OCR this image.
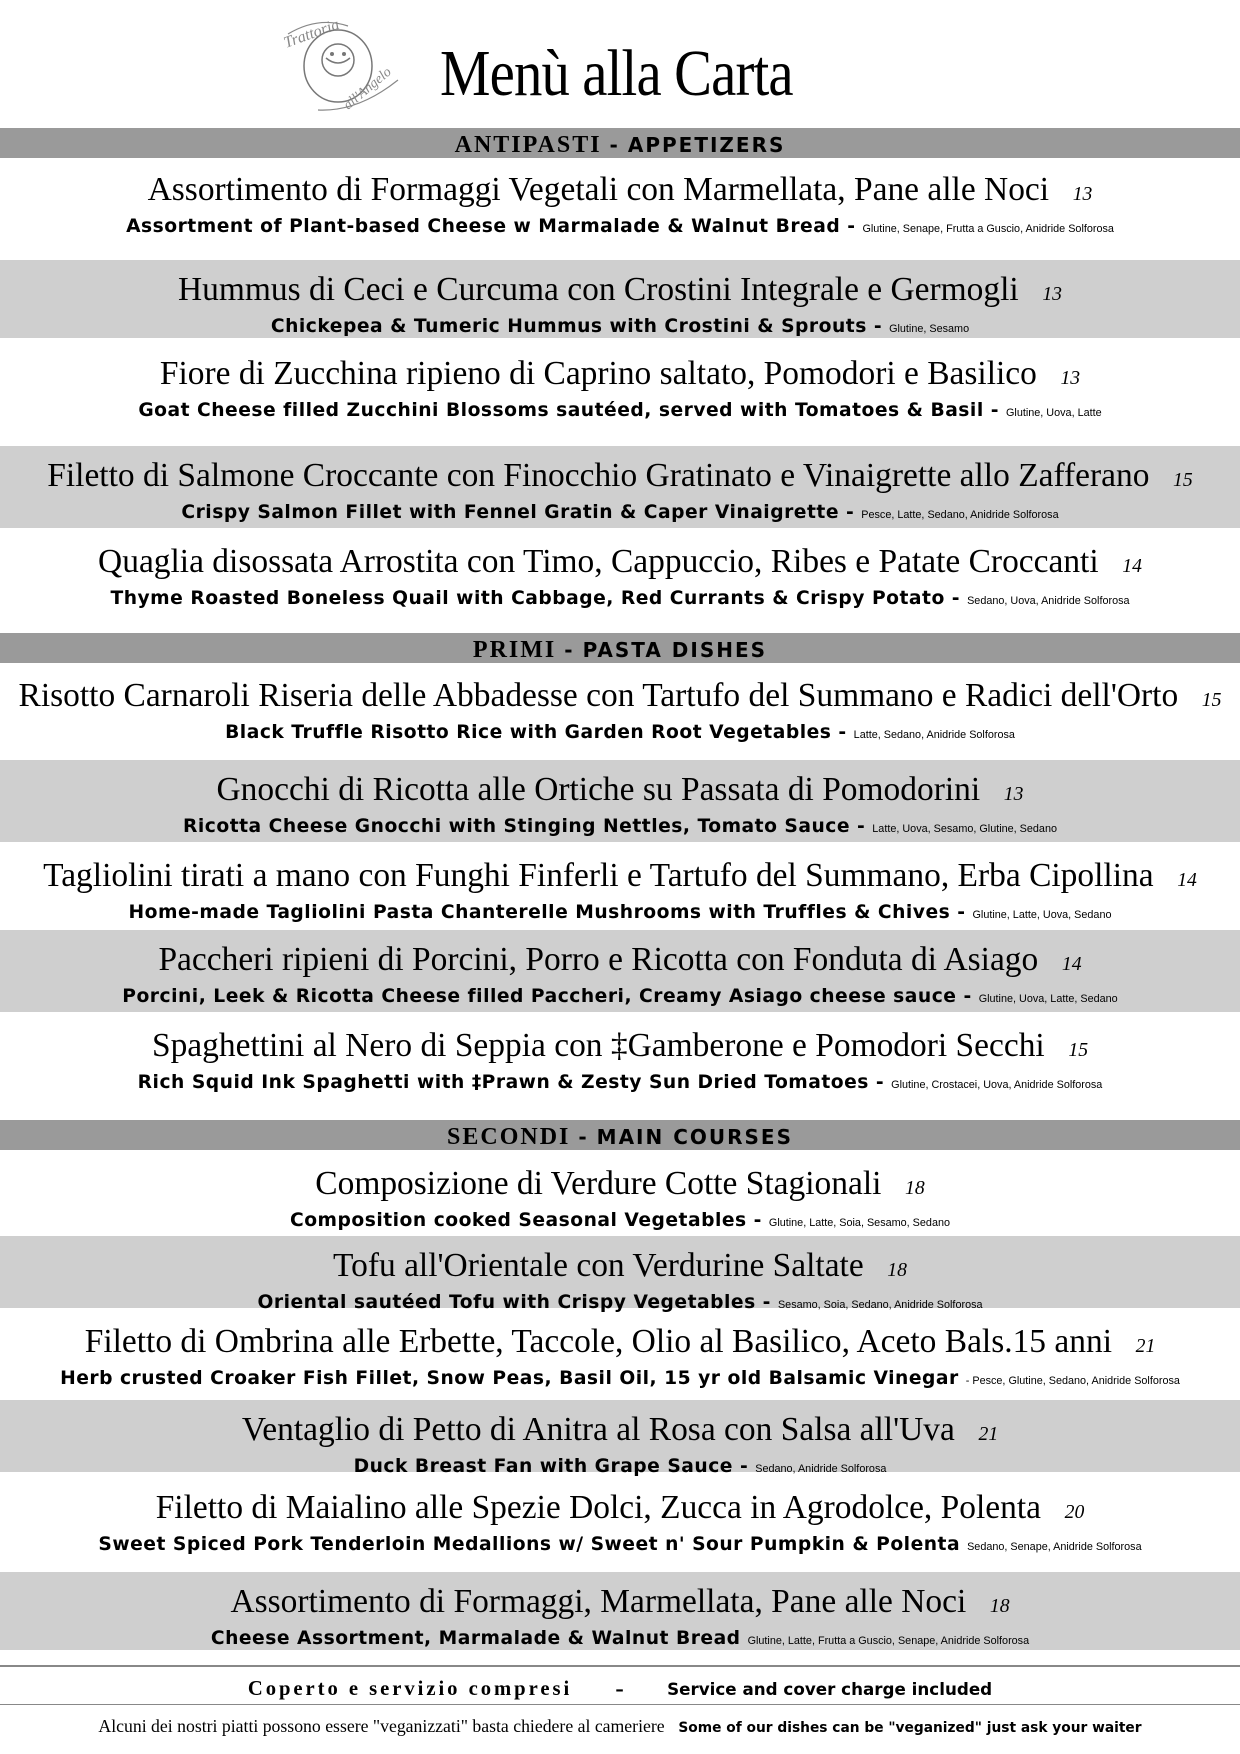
Trattoria
all'Angelo Menù alla Carta
ANTIPASTI - APPETIZERS
Assortimento di Formaggi Vegetali con Marmellata, Pane alle Noci 13
Assortment of Plant-based Cheese w Marmalade & Walnut Bread - Glutine, Senape, Frutta a Guscio, Anidride Solforosa
Hummus di Ceci e Curcuma con Crostini Integrale e Germogli 13
Chickepea & Tumeric Hummus with Crostini & Sprouts - Glutine, Sesamo
Fiore di Zucchina ripieno di Caprino saltato, Pomodori e Basilico 13
Goat Cheese filled Zucchini Blossoms sautéed, served with Tomatoes & Basil - Glutine, Uova, Latte
Filetto di Salmone Croccante con Finocchio Gratinato e Vinaigrette allo Zafferano 15
Crispy Salmon Fillet with Fennel Gratin & Caper Vinaigrette - Pesce, Latte, Sedano, Anidride Solforosa
Quaglia disossata Arrostita con Timo, Cappuccio, Ribes e Patate Croccanti 14
Thyme Roasted Boneless Quail with Cabbage, Red Currants & Crispy Potato - Sedano, Uova, Anidride Solforosa
Risotto Carnaroli Riseria delle Abbadesse con Tartufo del Summano e Radici dell'Orto 15
Black Truffle Risotto Rice with Garden Root Vegetables - Latte, Sedano, Anidride Solforosa
Gnocchi di Ricotta alle Ortiche su Passata di Pomodorini 13
Ricotta Cheese Gnocchi with Stinging Nettles, Tomato Sauce - Latte, Uova, Sesamo, Glutine, Sedano
Tagliolini tirati a mano con Funghi Finferli e Tartufo del Summano, Erba Cipollina 14
Home-made Tagliolini Pasta Chanterelle Mushrooms with Truffles & Chives - Glutine, Latte, Uova, Sedano
Paccheri ripieni di Porcini, Porro e Ricotta con Fonduta di Asiago 14
Porcini, Leek & Ricotta Cheese filled Paccheri, Creamy Asiago cheese sauce - Glutine, Uova, Latte, Sedano
Spaghettini al Nero di Seppia con ‡Gamberone e Pomodori Secchi 15
Rich Squid Ink Spaghetti with ‡Prawn & Zesty Sun Dried Tomatoes - Glutine, Crostacei, Uova, Anidride Solforosa
Composizione di Verdure Cotte Stagionali 18
Composition cooked Seasonal Vegetables - Glutine, Latte, Soia, Sesamo, Sedano
Tofu all'Orientale con Verdurine Saltate 18
Oriental sautéed Tofu with Crispy Vegetables - Sesamo, Soia, Sedano, Anidride Solforosa
Filetto di Ombrina alle Erbette, Taccole, Olio al Basilico, Aceto Bals.15 anni 21
Herb crusted Croaker Fish Fillet, Snow Peas, Basil Oil, 15 yr old Balsamic Vinegar - Pesce, Glutine, Sedano, Anidride Solforosa
Ventaglio di Petto di Anitra al Rosa con Salsa all'Uva 21
Duck Breast Fan with Grape Sauce - Sedano, Anidride Solforosa
Filetto di Maialino alle Spezie Dolci, Zucca in Agrodolce, Polenta 20
Sweet Spiced Pork Tenderloin Medallions w/ Sweet n' Sour Pumpkin & Polenta Sedano, Senape, Anidride Solforosa
Assortimento di Formaggi, Marmellata, Pane alle Noci 18
Cheese Assortment, Marmalade & Walnut Bread Glutine, Latte, Frutta a Guscio, Senape, Anidride Solforosa
PRIMI - PASTA DISHES
SECONDI - MAIN COURSES
Coperto e servizio compresi	–	Service and cover charge included
Alcuni dei nostri piatti possono essere "veganizzati" basta chiedere al cameriere Some of our dishes can be "veganized" just ask your waiter
